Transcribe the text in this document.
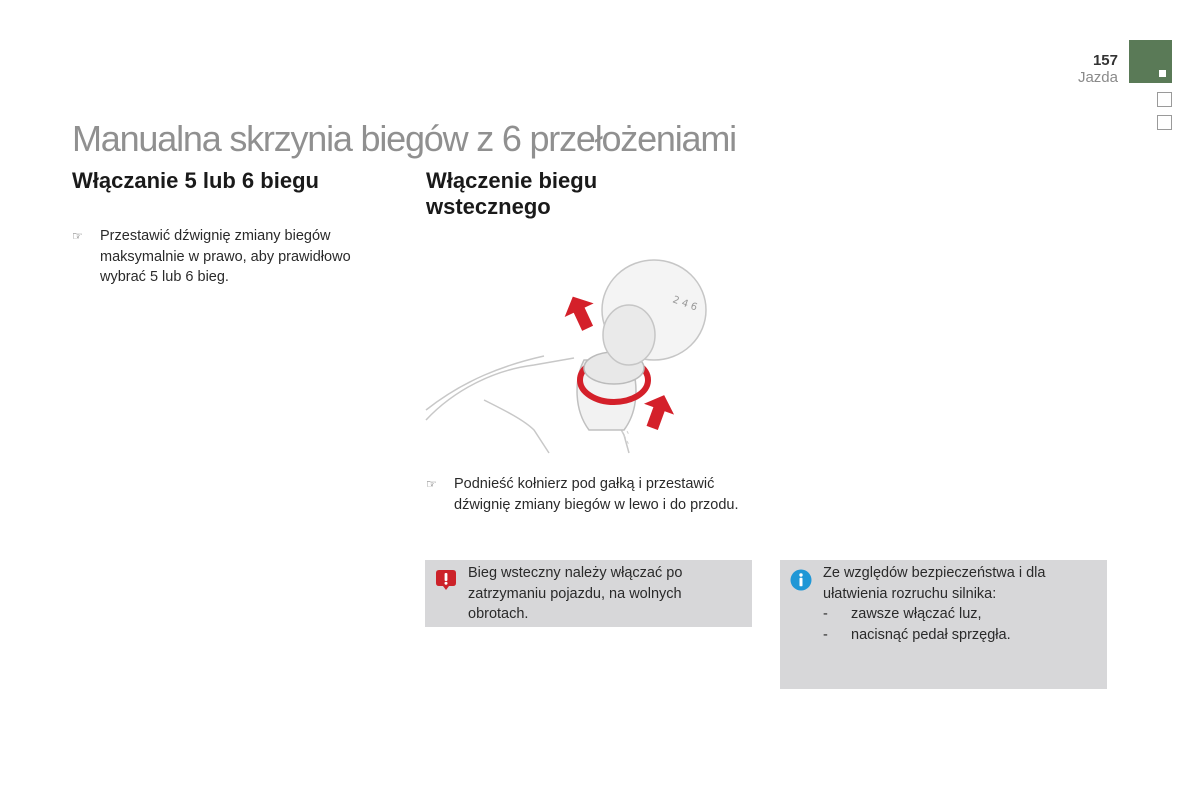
157
Jazda
Manualna skrzynia biegów z 6 przełożeniami
Włączanie 5 lub 6 biegu
☞ Przestawić dźwignię zmiany biegów maksymalnie w prawo, aby prawidłowo wybrać 5 lub 6 bieg.
Włączenie biegu wstecznego
2 4 6
☞ Podnieść kołnierz pod gałką i przestawić dźwignię zmiany biegów w lewo i do przodu.
Bieg wsteczny należy włączać po zatrzymaniu pojazdu, na wolnych obrotach.
Ze względów bezpieczeństwa i dla ułatwienia rozruchu silnika:
- zawsze włączać luz,
- nacisnąć pedał sprzęgła.
